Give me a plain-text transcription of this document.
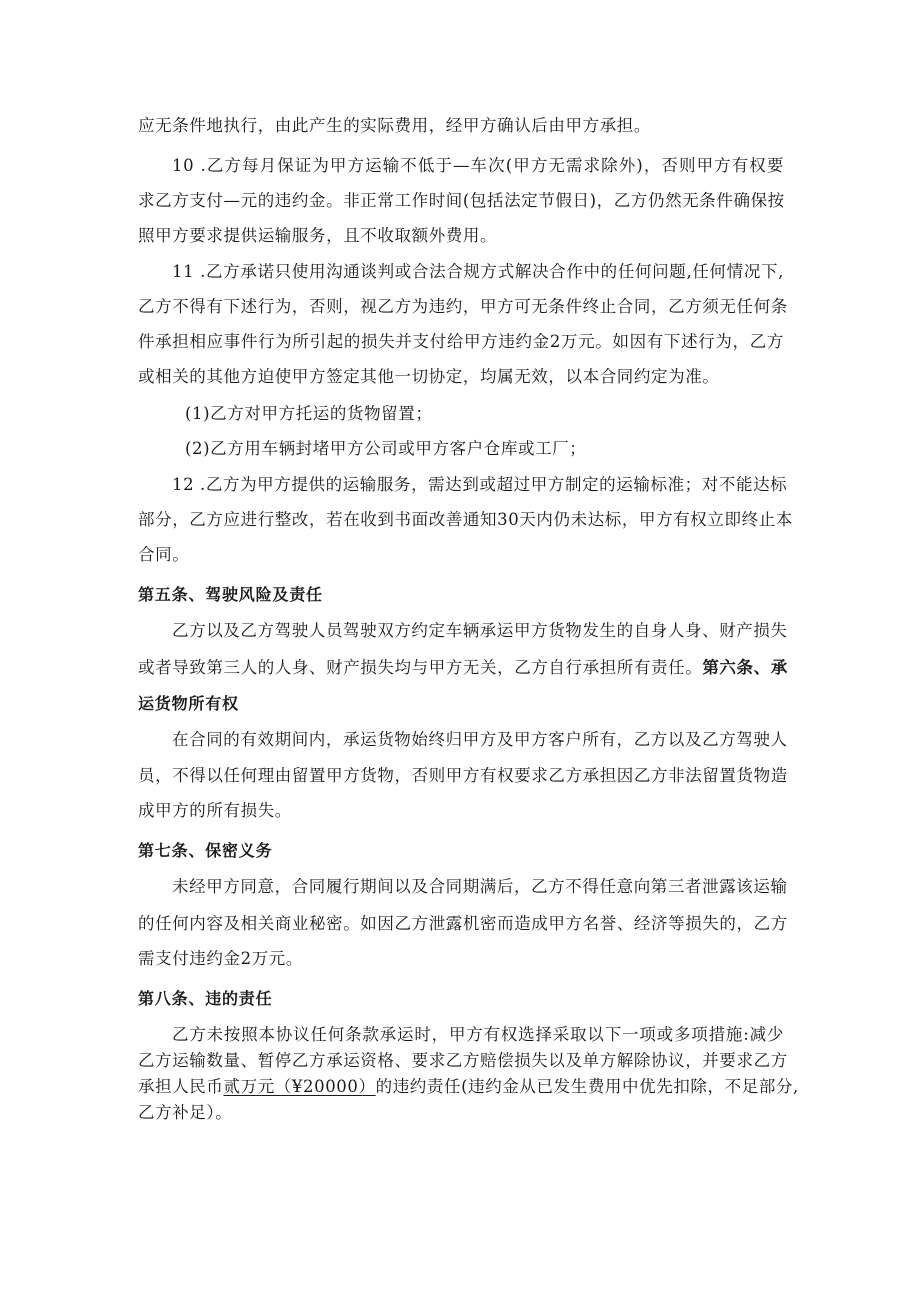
应无条件地执行，由此产生的实际费用，经甲方确认后由甲方承担。
10 .乙方每月保证为甲方运输不低于—车次(甲方无需求除外)，否则甲方有权要
求乙方支付—元的违约金。非正常工作时间(包括法定节假日)，乙方仍然无条件确保按
照甲方要求提供运输服务，且不收取额外费用。
11 .乙方承诺只使用沟通谈判或合法合规方式解决合作中的任何问题,任何情况下,
乙方不得有下述行为，否则，视乙方为违约，甲方可无条件终止合同，乙方须无任何条
件承担相应事件行为所引起的损失并支付给甲方违约金2万元。如因有下述行为，乙方
或相关的其他方迫使甲方签定其他一切协定，均属无效，以本合同约定为准。
(1)乙方对甲方托运的货物留置；
(2)乙方用车辆封堵甲方公司或甲方客户仓库或工厂；
12 .乙方为甲方提供的运输服务，需达到或超过甲方制定的运输标准；对不能达标
部分，乙方应进行整改，若在收到书面改善通知30天内仍未达标，甲方有权立即终止本
合同。
第五条、驾驶风险及责任
乙方以及乙方驾驶人员驾驶双方约定车辆承运甲方货物发生的自身人身、财产损失
或者导致第三人的人身、财产损失均与甲方无关，乙方自行承担所有责任。 第六条、承
运货物所有权
在合同的有效期间内，承运货物始终归甲方及甲方客户所有，乙方以及乙方驾驶人
员，不得以任何理由留置甲方货物，否则甲方有权要求乙方承担因乙方非法留置货物造
成甲方的所有损失。
第七条、保密义务
未经甲方同意，合同履行期间以及合同期满后，乙方不得任意向第三者泄露该运输
的任何内容及相关商业秘密。如因乙方泄露机密而造成甲方名誉、经济等损失的，乙方
需支付违约金2万元。
第八条、违的责任
乙方未按照本协议任何条款承运时，甲方有权选择采取以下一项或多项措施:减少
乙方运输数量、暂停乙方承运资格、要求乙方赔偿损失以及单方解除协议，并要求乙方
承担人民币 贰万元（¥20000） 的违约责任(违约金从已发生费用中优先扣除，不足部分,
乙方补足）。
